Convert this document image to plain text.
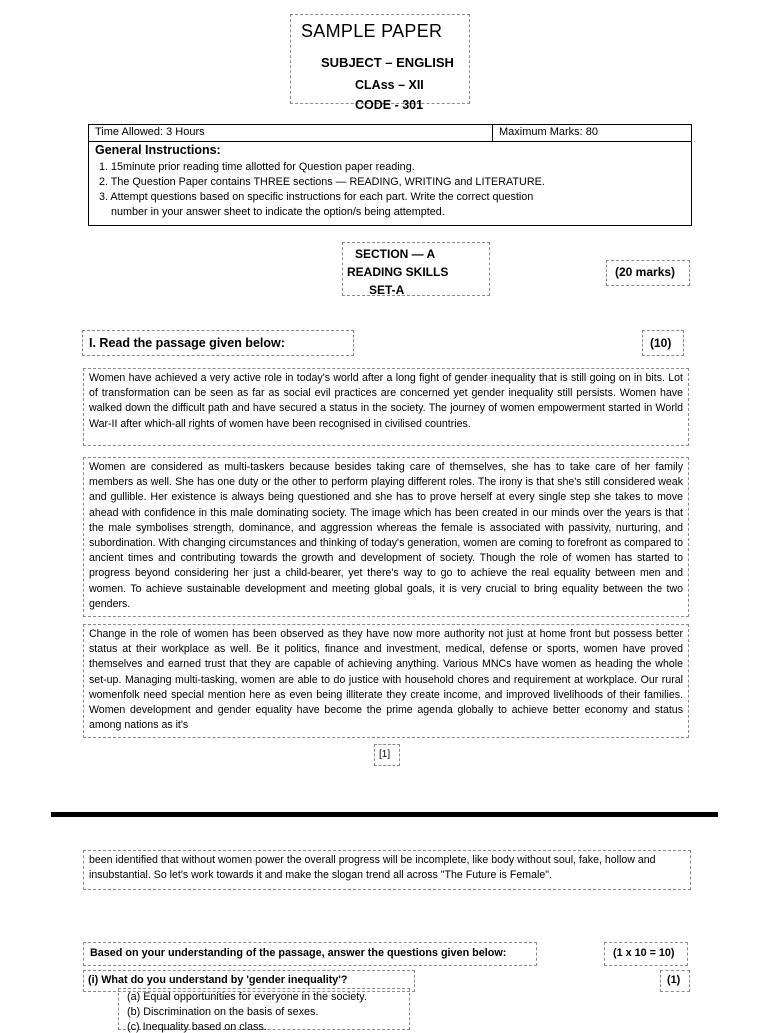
SAMPLE PAPER
SUBJECT – ENGLISH
CLAss – XII
CODE - 301
Time Allowed: 3 Hours	Maximum Marks: 80
General Instructions:
1. 15minute prior reading time allotted for Question paper reading.
2. The Question Paper contains THREE sections — READING, WRITING and LITERATURE.
3. Attempt questions based on specific instructions for each part. Write the correct question
number in your answer sheet to indicate the option/s being attempted.
SECTION — A
READING SKILLS
SET-A
(20 marks)
I. Read the passage given below:	(10)
Women have achieved a very active role in today's world after a long fight of gender inequality that is still going on in bits. Lot of transformation can be seen as far as social evil practices are concerned yet gender inequality still persists. Women have walked down the difficult path and have secured a status in the society. The journey of women empowerment started in World War-II after which-all rights of women have been recognised in civilised countries.
Women are considered as multi-taskers because besides taking care of themselves, she has to take care of her family members as well. She has one duty or the other to perform playing different roles. The irony is that she's still considered weak and gullible. Her existence is always being questioned and she has to prove herself at every single step she takes to move ahead with confidence in this male dominating society. The image which has been created in our minds over the years is that the male symbolises strength, dominance, and aggression whereas the female is associated with passivity, nurturing, and subordination. With changing circumstances and thinking of today's generation, women are coming to forefront as compared to ancient times and contributing towards the growth and development of society. Though the role of women has started to progress beyond considering her just a child-bearer, yet there's way to go to achieve the real equality between men and women. To achieve sustainable development and meeting global goals, it is very crucial to bring equality between the two genders.
Change in the role of women has been observed as they have now more authority not just at home front but possess better status at their workplace as well. Be it politics, finance and investment, medical, defense or sports, women have proved themselves and earned trust that they are capable of achieving anything. Various MNCs have women as heading the whole set-up. Managing multi-tasking, women are able to do justice with household chores and requirement at workplace. Our rural womenfolk need special mention here as even being illiterate they create income, and improved livelihoods of their families. Women development and gender equality have become the prime agenda globally to achieve better economy and status among nations as it's
[1]
been identified that without women power the overall progress will be incomplete, like body without soul, fake, hollow and insubstantial. So let's work towards it and make the slogan trend all across "The Future is Female".
Based on your understanding of the passage, answer the questions given below:	(1 x 10 = 10)
(i) What do you understand by 'gender inequality'?	(1)
(a) Equal opportunities for everyone in the society.
(b) Discrimination on the basis of sexes.
(c) Inequality based on class.
